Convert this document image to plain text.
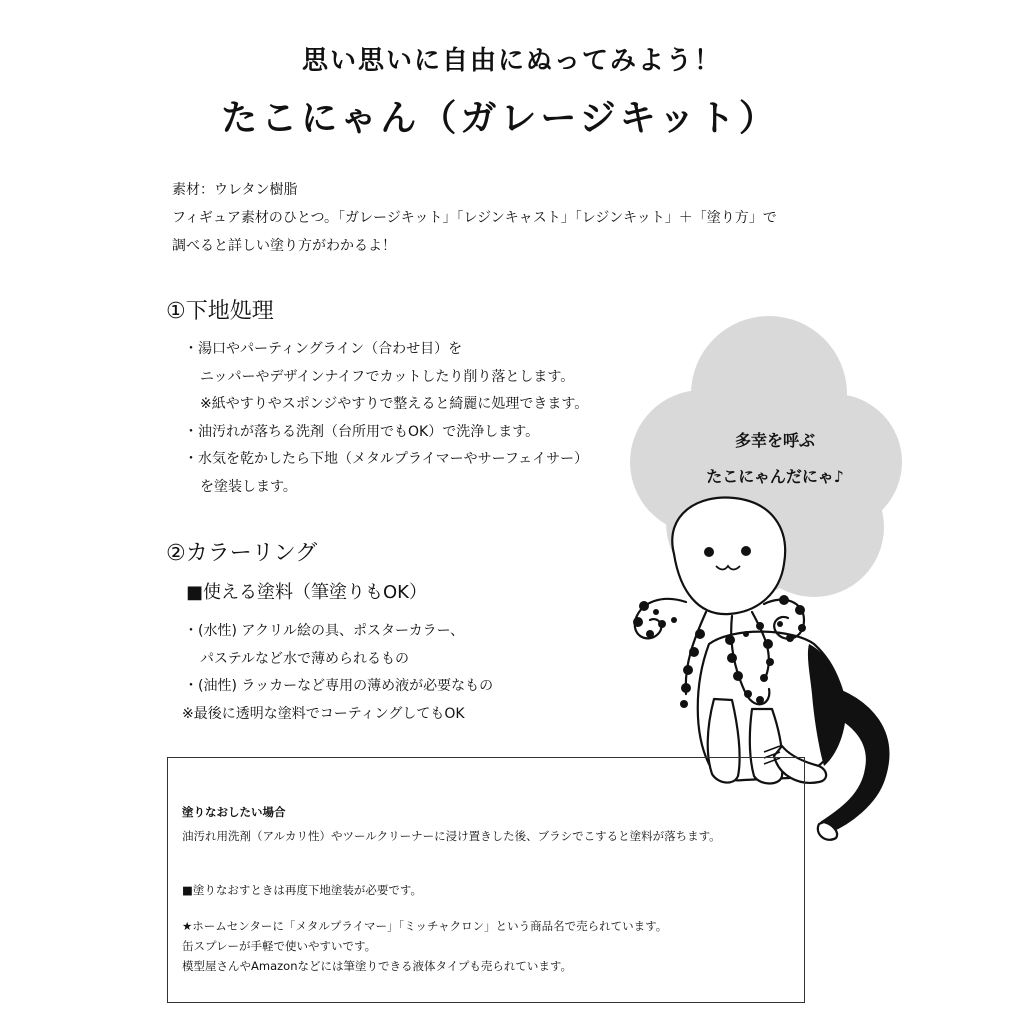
思い思いに自由にぬってみよう！
たこにゃん（ガレージキット）
素材：ウレタン樹脂
フィギュア素材のひとつ。「ガレージキット」「レジンキャスト」「レジンキット」＋「塗り方」で
調べると詳しい塗り方がわかるよ！
①下地処理
・湯口やパーティングライン（合わせ目）を
ニッパーやデザインナイフでカットしたり削り落とします。
※紙やすりやスポンジやすりで整えると綺麗に処理できます。
・油汚れが落ちる洗剤（台所用でもOK）で洗浄します。
・水気を乾かしたら下地（メタルプライマーやサーフェイサー）
を塗装します。
②カラーリング
■使える塗料（筆塗りもOK）
・(水性) アクリル絵の具、ポスターカラー、
パステルなど水で薄められるもの
・(油性) ラッカーなど専用の薄め液が必要なもの
※最後に透明な塗料でコーティングしてもOK
多幸を呼ぶ
たこにゃんだにゃ♪
塗りなおしたい場合
油汚れ用洗剤（アルカリ性）やツールクリーナーに浸け置きした後、ブラシでこすると塗料が落ちます。
■塗りなおすときは再度下地塗装が必要です。
★ホームセンターに「メタルプライマー」「ミッチャクロン」という商品名で売られています。
缶スプレーが手軽で使いやすいです。
模型屋さんやAmazonなどには筆塗りできる液体タイプも売られています。
